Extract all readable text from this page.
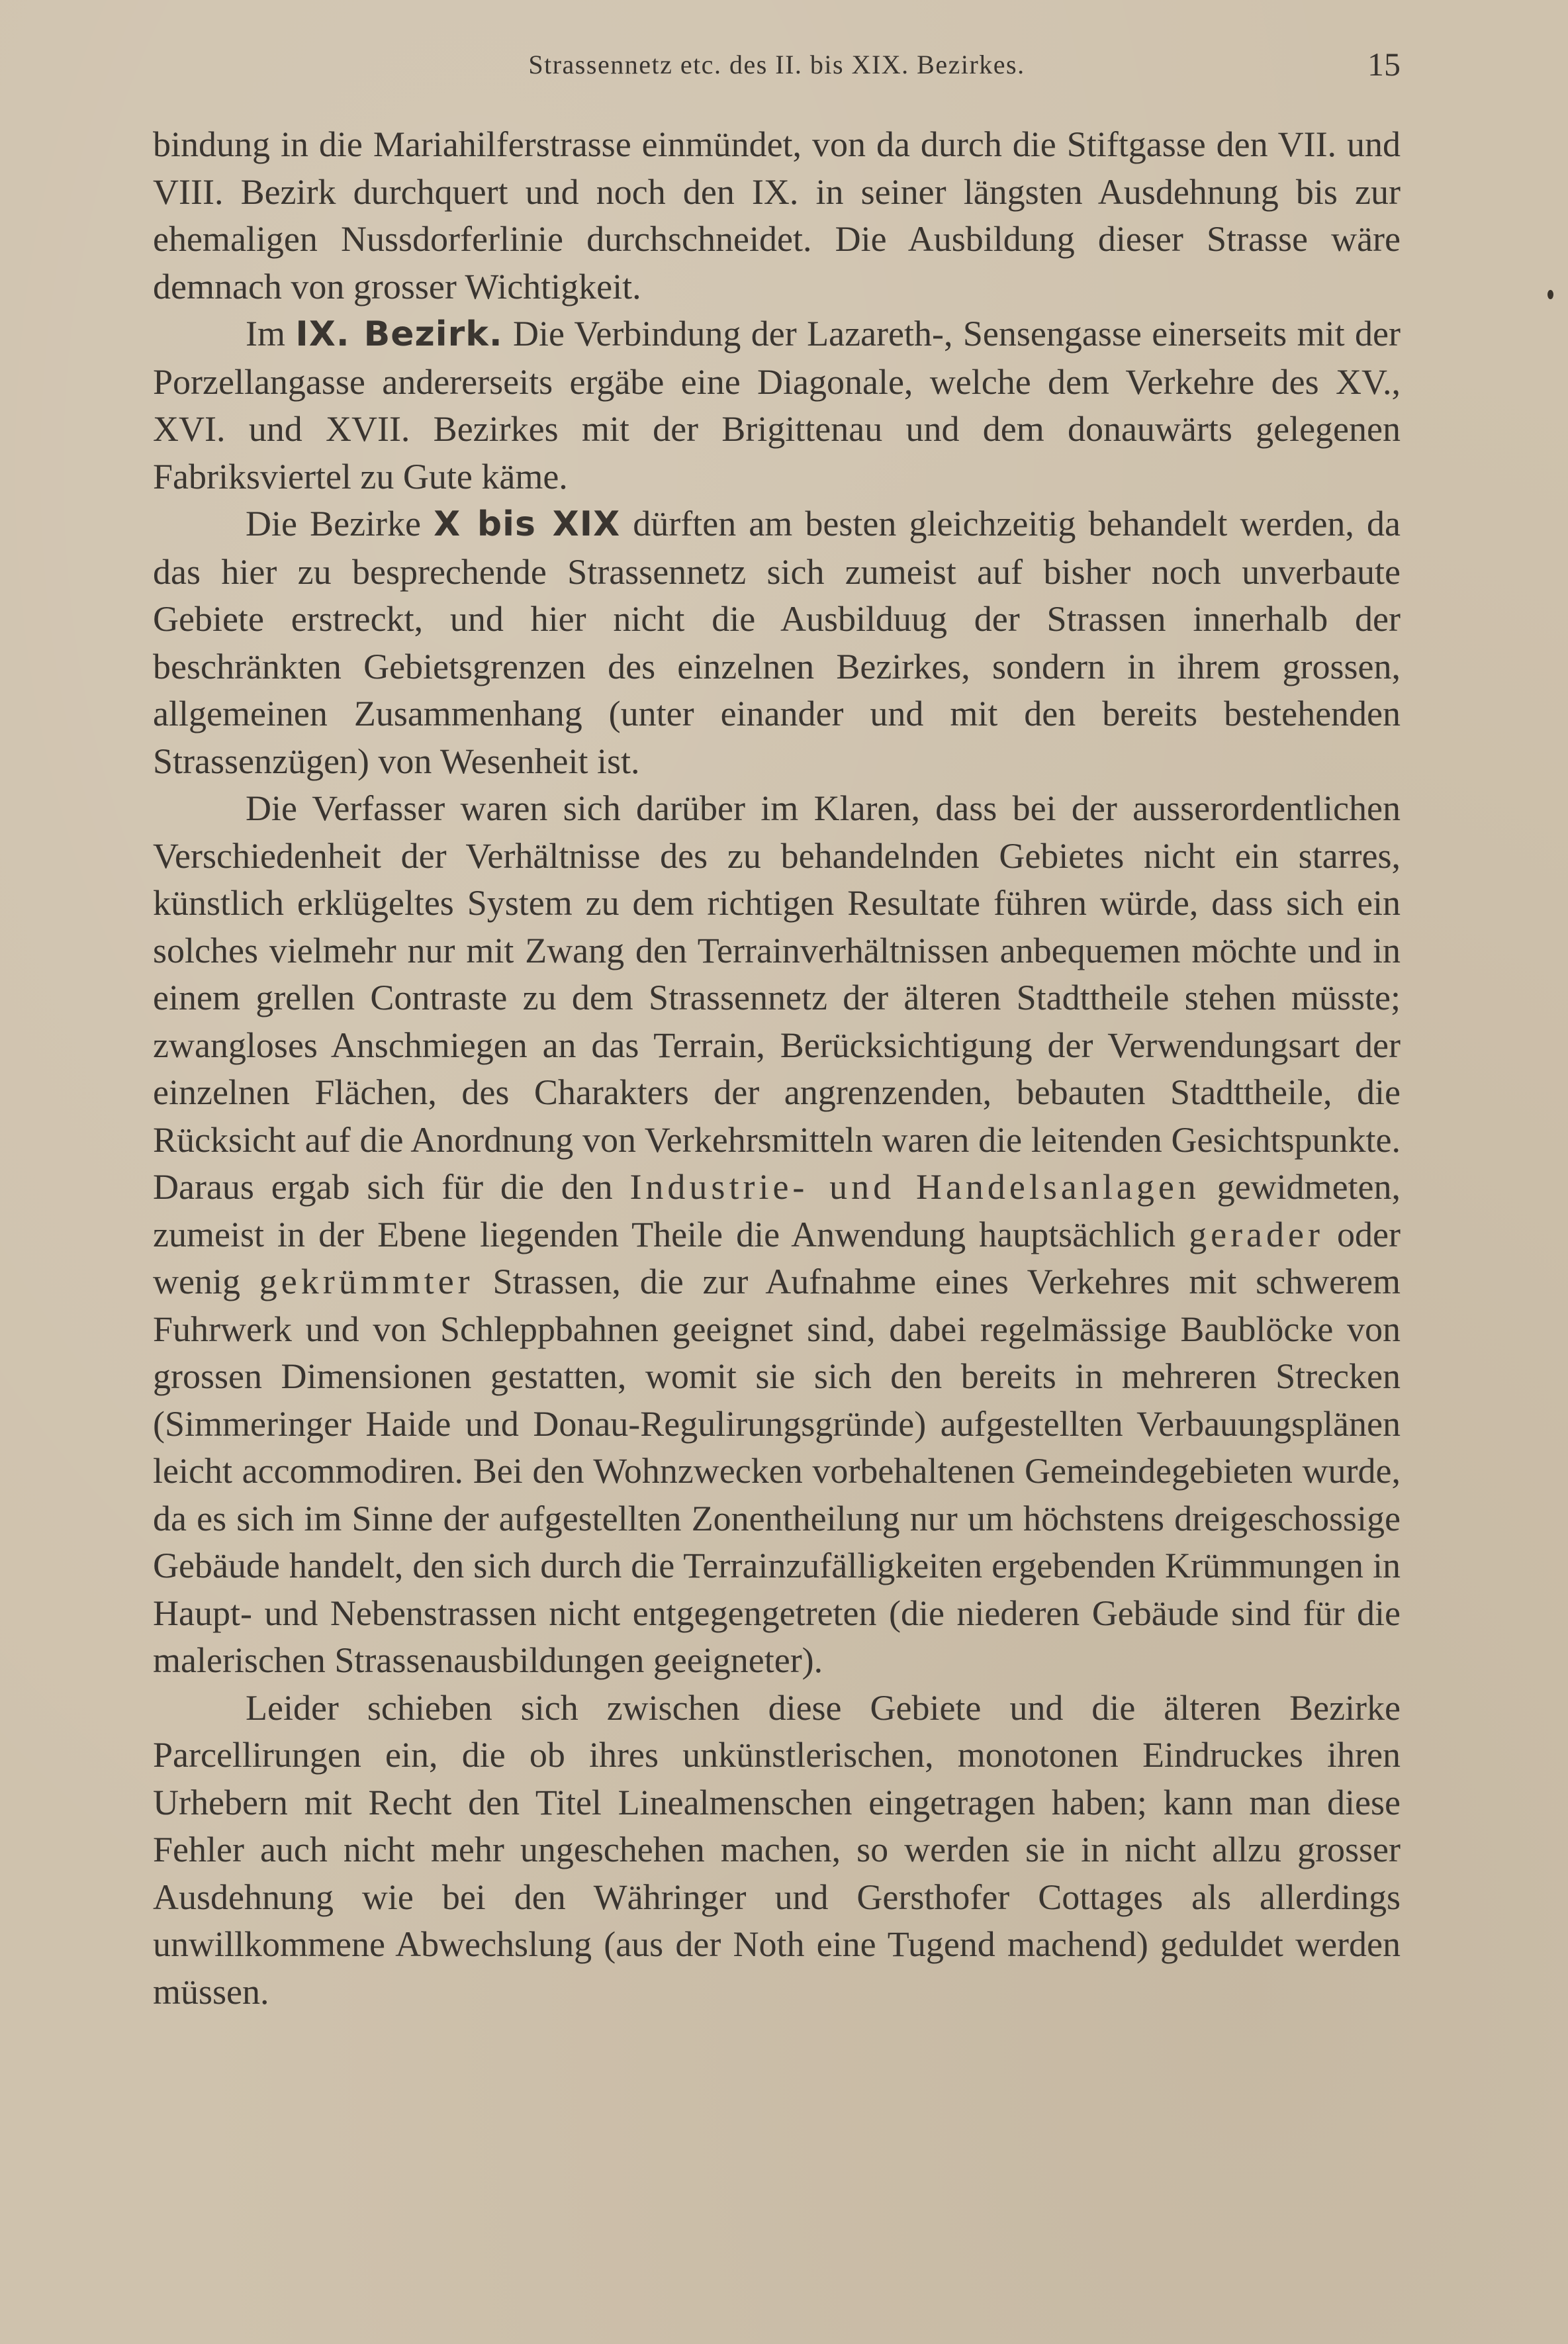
Strassennetz etc. des II. bis XIX. Bezirkes.	15

bindung in die Mariahilferstrasse einmündet, von da durch die Stiftgasse den VII. und VIII. Bezirk durchquert und noch den IX. in seiner längsten Ausdehnung bis zur ehemaligen Nussdorferlinie durchschneidet. Die Ausbildung dieser Strasse wäre demnach von grosser Wichtigkeit.

Im IX. Bezirk. Die Verbindung der Lazareth-, Sensengasse einerseits mit der Porzellangasse andererseits ergäbe eine Diagonale, welche dem Verkehre des XV., XVI. und XVII. Bezirkes mit der Brigittenau und dem donauwärts gelegenen Fabriksviertel zu Gute käme.

Die Bezirke X bis XIX dürften am besten gleichzeitig behandelt werden, da das hier zu besprechende Strassennetz sich zumeist auf bisher noch unverbaute Gebiete erstreckt, und hier nicht die Ausbilduug der Strassen innerhalb der beschränkten Gebietsgrenzen des einzelnen Bezirkes, sondern in ihrem grossen, allgemeinen Zusammenhang (unter einander und mit den bereits bestehenden Strassenzügen) von Wesenheit ist.

Die Verfasser waren sich darüber im Klaren, dass bei der ausserordentlichen Verschiedenheit der Verhältnisse des zu behandelnden Gebietes nicht ein starres, künstlich erklügeltes System zu dem richtigen Resultate führen würde, dass sich ein solches vielmehr nur mit Zwang den Terrainverhältnissen anbequemen möchte und in einem grellen Contraste zu dem Strassennetz der älteren Stadttheile stehen müsste; zwangloses Anschmiegen an das Terrain, Berücksichtigung der Verwendungsart der einzelnen Flächen, des Charakters der angrenzenden, bebauten Stadttheile, die Rücksicht auf die Anordnung von Verkehrsmitteln waren die leitenden Gesichtspunkte. Daraus ergab sich für die den Industrie- und Handelsanlagen gewidmeten, zumeist in der Ebene liegenden Theile die Anwendung hauptsächlich gerader oder wenig gekrümmter Strassen, die zur Aufnahme eines Verkehres mit schwerem Fuhrwerk und von Schleppbahnen geeignet sind, dabei regelmässige Baublöcke von grossen Dimensionen gestatten, womit sie sich den bereits in mehreren Strecken (Simmeringer Haide und Donau-Regulirungsgründe) aufgestellten Verbauungsplänen leicht accommodiren. Bei den Wohnzwecken vorbehaltenen Gemeindegebieten wurde, da es sich im Sinne der aufgestellten Zonentheilung nur um höchstens dreigeschossige Gebäude handelt, den sich durch die Terrainzufälligkeiten ergebenden Krümmungen in Haupt- und Nebenstrassen nicht entgegengetreten (die niederen Gebäude sind für die malerischen Strassenausbildungen geeigneter).

Leider schieben sich zwischen diese Gebiete und die älteren Bezirke Parcellirungen ein, die ob ihres unkünstlerischen, monotonen Eindruckes ihren Urhebern mit Recht den Titel Linealmenschen eingetragen haben; kann man diese Fehler auch nicht mehr ungeschehen machen, so werden sie in nicht allzu grosser Ausdehnung wie bei den Währinger und Gersthofer Cottages als allerdings unwillkommene Abwechslung (aus der Noth eine Tugend machend) geduldet werden müssen.
